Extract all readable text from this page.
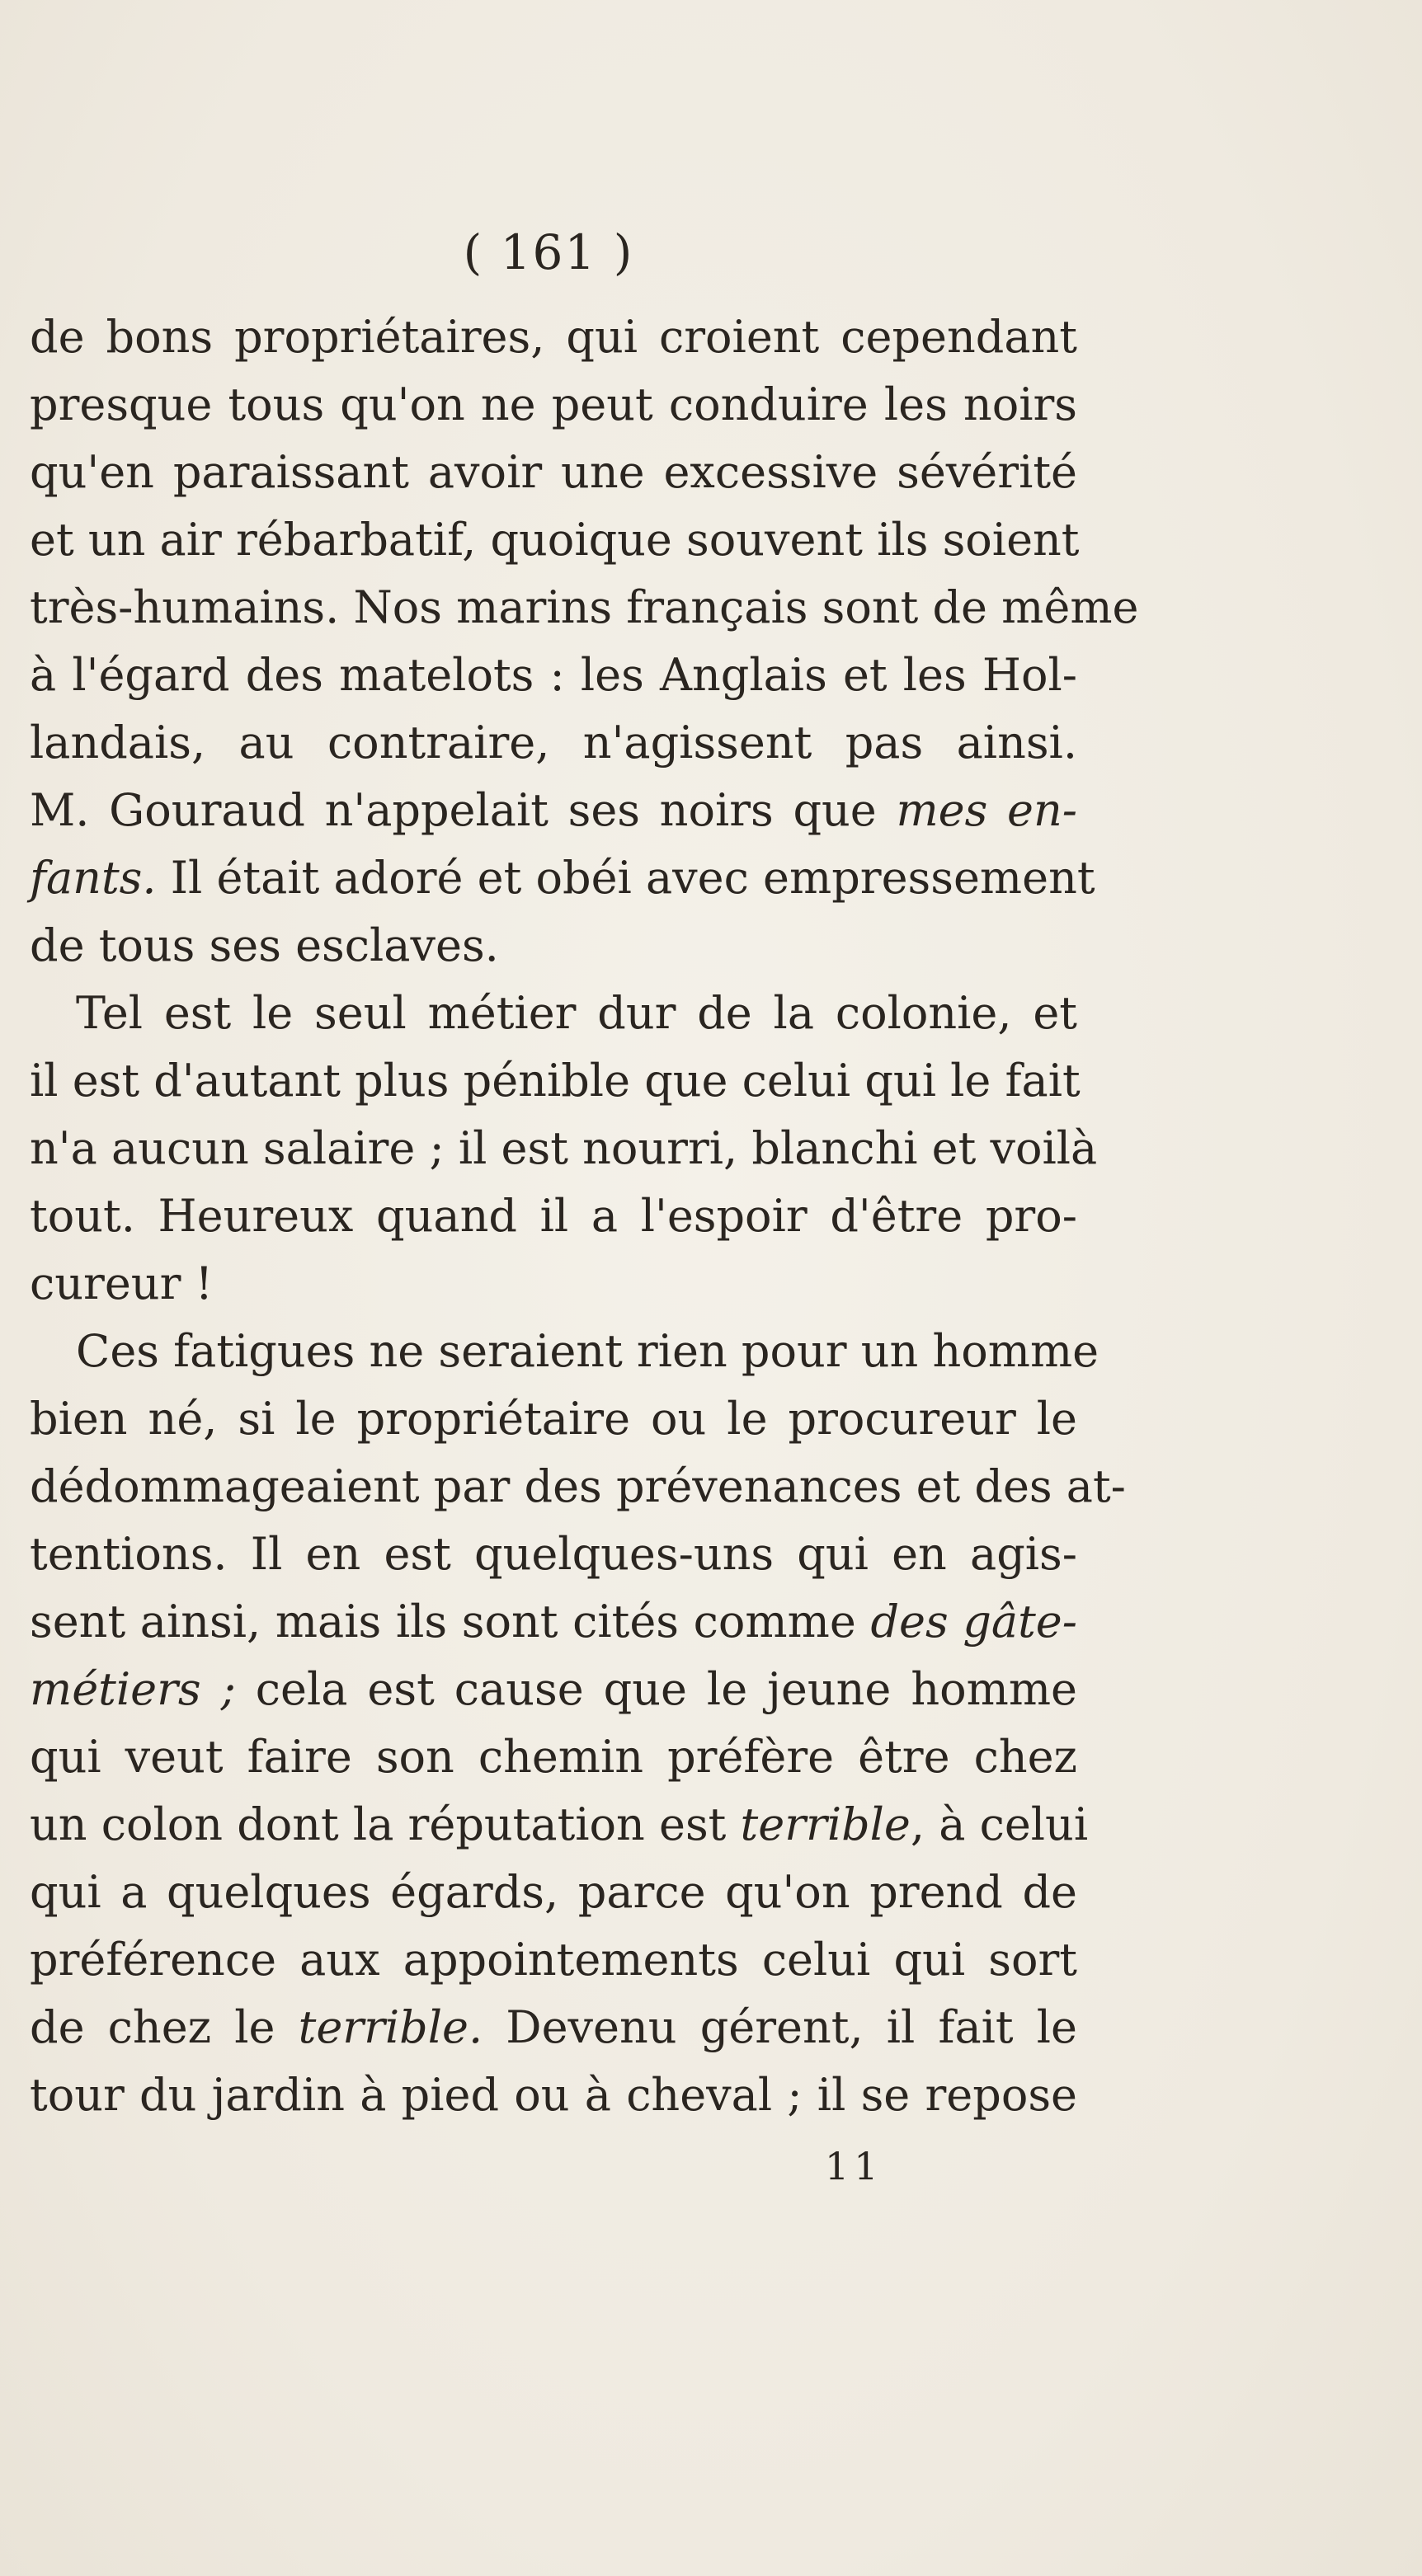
( 161 )
de bons propriétaires, qui croient cependant
presque tous qu'on ne peut conduire les noirs
qu'en paraissant avoir une excessive sévérité
et un air rébarbatif, quoique souvent ils soient
très-humains. Nos marins français sont de même
à l'égard des matelots : les Anglais et les Hol-
landais, au contraire, n'agissent pas ainsi.
M. Gouraud n'appelait ses noirs que mes en-
fants. Il était adoré et obéi avec empressement
de tous ses esclaves.
Tel est le seul métier dur de la colonie, et
il est d'autant plus pénible que celui qui le fait
n'a aucun salaire ; il est nourri, blanchi et voilà
tout. Heureux quand il a l'espoir d'être pro-
cureur !
Ces fatigues ne seraient rien pour un homme
bien né, si le propriétaire ou le procureur le
dédommageaient par des prévenances et des at-
tentions. Il en est quelques-uns qui en agis-
sent ainsi, mais ils sont cités comme des gâte-
métiers ; cela est cause que le jeune homme
qui veut faire son chemin préfère être chez
un colon dont la réputation est terrible, à celui
qui a quelques égards, parce qu'on prend de
préférence aux appointements celui qui sort
de chez le terrible. Devenu gérent, il fait le
tour du jardin à pied ou à cheval ; il se repose
11
